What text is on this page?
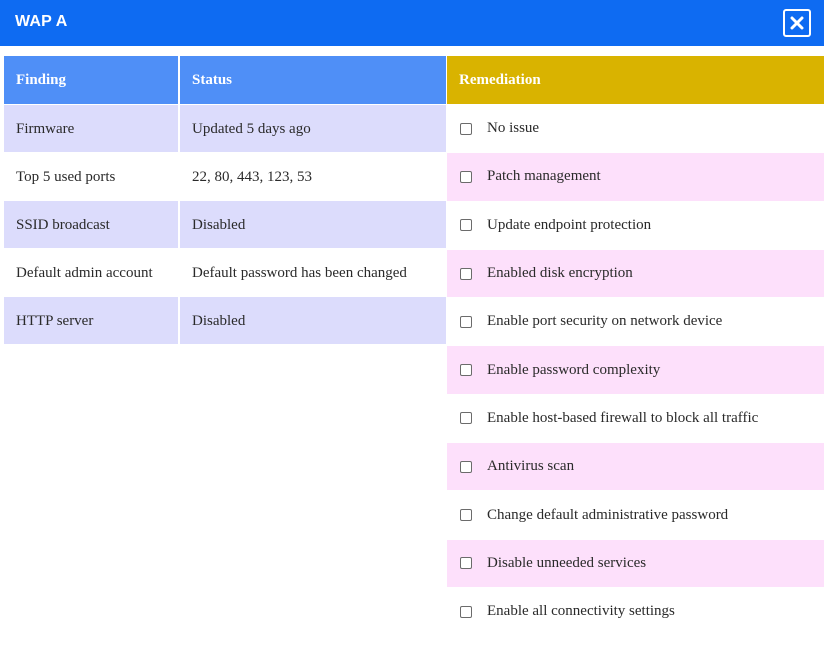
WAP A
Finding	Status
Firmware	Updated 5 days ago
Top 5 used ports	22, 80, 443, 123, 53
SSID broadcast	Disabled
Default admin account	Default password has been changed
HTTP server	Disabled
Remediation
No issue
Patch management
Update endpoint protection
Enabled disk encryption
Enable port security on network device
Enable password complexity
Enable host-based firewall to block all traffic
Antivirus scan
Change default administrative password
Disable unneeded services
Enable all connectivity settings
